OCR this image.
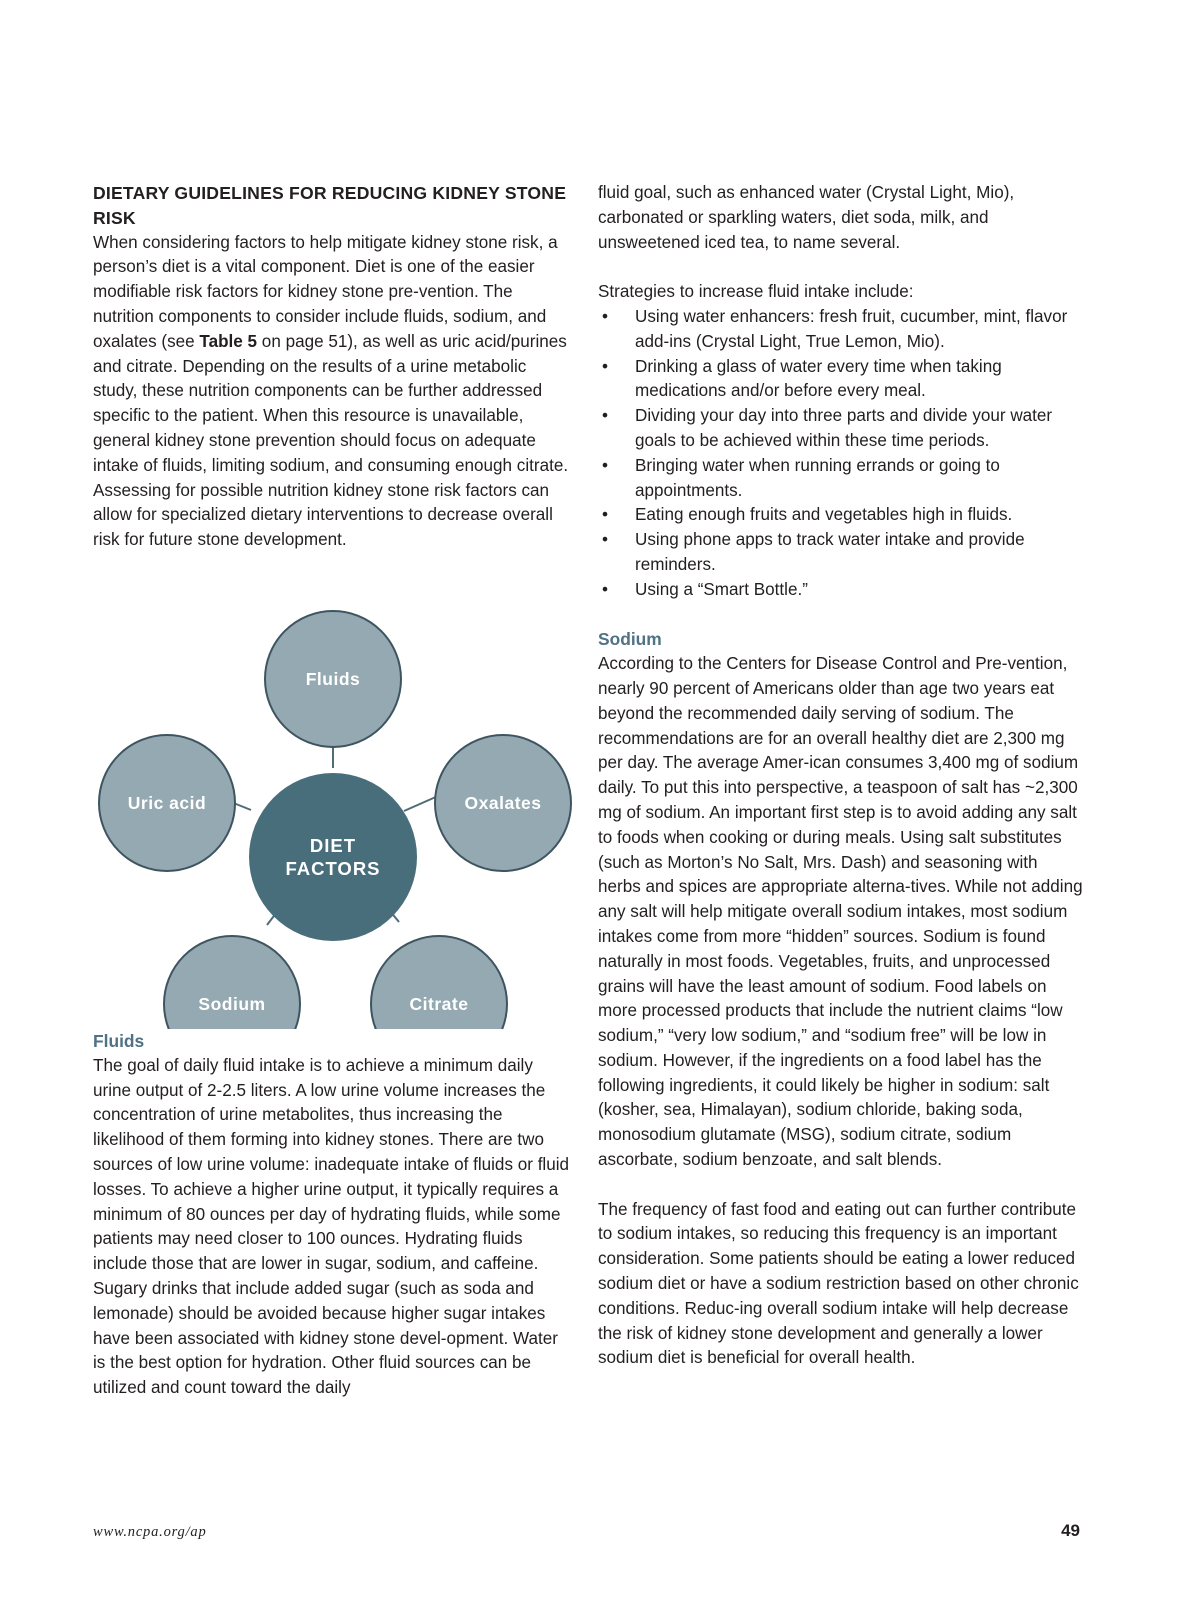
DIETARY GUIDELINES FOR REDUCING KIDNEY STONE RISK

When considering factors to help mitigate kidney stone risk, a person’s diet is a vital component. Diet is one of the easier modifiable risk factors for kidney stone pre-vention. The nutrition components to consider include fluids, sodium, and oxalates (see Table 5 on page 51), as well as uric acid/purines and citrate. Depending on the results of a urine metabolic study, these nutrition components can be further addressed specific to the patient. When this resource is unavailable, general kidney stone prevention should focus on adequate intake of fluids, limiting sodium, and consuming enough citrate. Assessing for possible nutrition kidney stone risk factors can allow for specialized dietary interventions to decrease overall risk for future stone development.

Fluids
Oxalates
Citrate
Sodium
Uric acid
DIET
FACTORS
Fluids

The goal of daily fluid intake is to achieve a minimum daily urine output of 2-2.5 liters. A low urine volume increases the concentration of urine metabolites, thus increasing the likelihood of them forming into kidney stones. There are two sources of low urine volume: inadequate intake of fluids or fluid losses. To achieve a higher urine output, it typically requires a minimum of 80 ounces per day of hydrating fluids, while some patients may need closer to 100 ounces. Hydrating fluids include those that are lower in sugar, sodium, and caffeine. Sugary drinks that include added sugar (such as soda and lemonade) should be avoided because higher sugar intakes have been associated with kidney stone devel-opment. Water is the best option for hydration. Other fluid sources can be utilized and count toward the daily

fluid goal, such as enhanced water (Crystal Light, Mio), carbonated or sparkling waters, diet soda, milk, and unsweetened iced tea, to name several.

Strategies to increase fluid intake include:

• Using water enhancers: fresh fruit, cucumber, mint, flavor add-ins (Crystal Light, True Lemon, Mio).
• Drinking a glass of water every time when taking medications and/or before every meal.
• Dividing your day into three parts and divide your water goals to be achieved within these time periods.
• Bringing water when running errands or going to appointments.
• Eating enough fruits and vegetables high in fluids.
• Using phone apps to track water intake and provide reminders.
• Using a “Smart Bottle.”
Sodium

According to the Centers for Disease Control and Pre-vention, nearly 90 percent of Americans older than age two years eat beyond the recommended daily serving of sodium. The recommendations are for an overall healthy diet are 2,300 mg per day. The average Amer-ican consumes 3,400 mg of sodium daily. To put this into perspective, a teaspoon of salt has ~2,300 mg of sodium. An important first step is to avoid adding any salt to foods when cooking or during meals. Using salt substitutes (such as Morton’s No Salt, Mrs. Dash) and seasoning with herbs and spices are appropriate alterna-tives. While not adding any salt will help mitigate overall sodium intakes, most sodium intakes come from more “hidden” sources. Sodium is found naturally in most foods. Vegetables, fruits, and unprocessed grains will have the least amount of sodium. Food labels on more processed products that include the nutrient claims “low sodium,” “very low sodium,” and “sodium free” will be low in sodium. However, if the ingredients on a food label has the following ingredients, it could likely be higher in sodium: salt (kosher, sea, Himalayan), sodium chloride, baking soda, monosodium glutamate (MSG), sodium citrate, sodium ascorbate, sodium benzoate, and salt blends.

The frequency of fast food and eating out can further contribute to sodium intakes, so reducing this frequency is an important consideration. Some patients should be eating a lower reduced sodium diet or have a sodium restriction based on other chronic conditions. Reduc-ing overall sodium intake will help decrease the risk of kidney stone development and generally a lower sodium diet is beneficial for overall health.

www.ncpa.org/ap	49
